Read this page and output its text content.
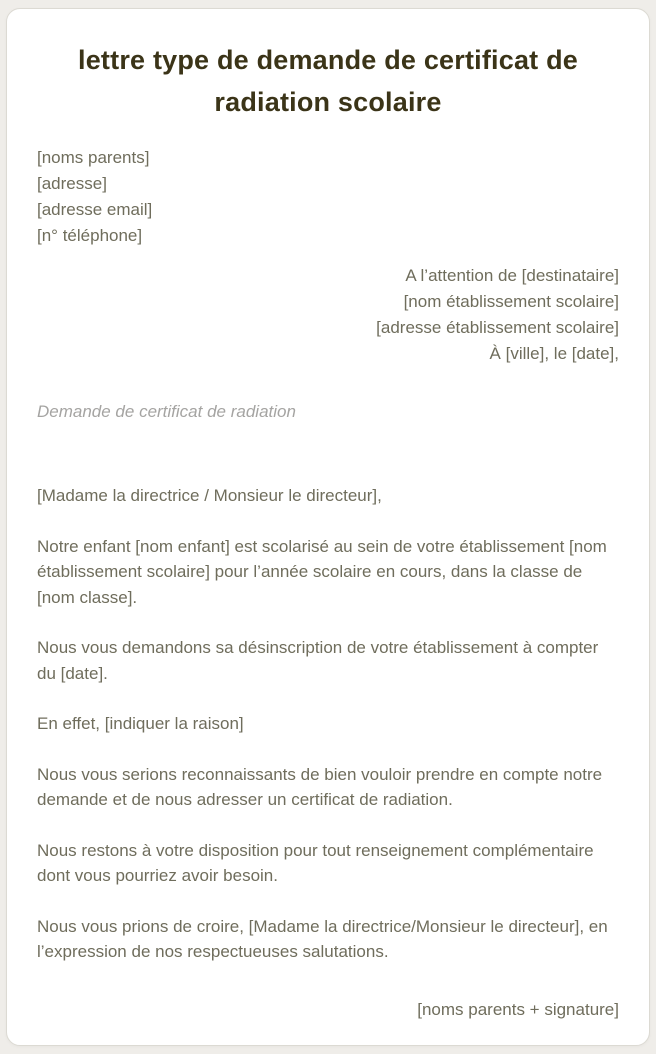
lettre type de demande de certificat de radiation scolaire
[noms parents]
[adresse]
[adresse email]
[n° téléphone]
A l’attention de [destinataire]
[nom établissement scolaire]
[adresse établissement scolaire]
À [ville], le [date],

Demande de certificat de radiation

[Madame la directrice / Monsieur le directeur],

Notre enfant [nom enfant] est scolarisé au sein de votre établissement [nom établissement scolaire] pour l’année scolaire en cours, dans la classe de [nom classe].

Nous vous demandons sa désinscription de votre établissement à compter du [date].

En effet, [indiquer la raison]

Nous vous serions reconnaissants de bien vouloir prendre en compte notre demande et de nous adresser un certificat de radiation.

Nous restons à votre disposition pour tout renseignement complémentaire dont vous pourriez avoir besoin.

Nous vous prions de croire, [Madame la directrice/Monsieur le directeur], en l’expression de nos respectueuses salutations.

[noms parents + signature]
